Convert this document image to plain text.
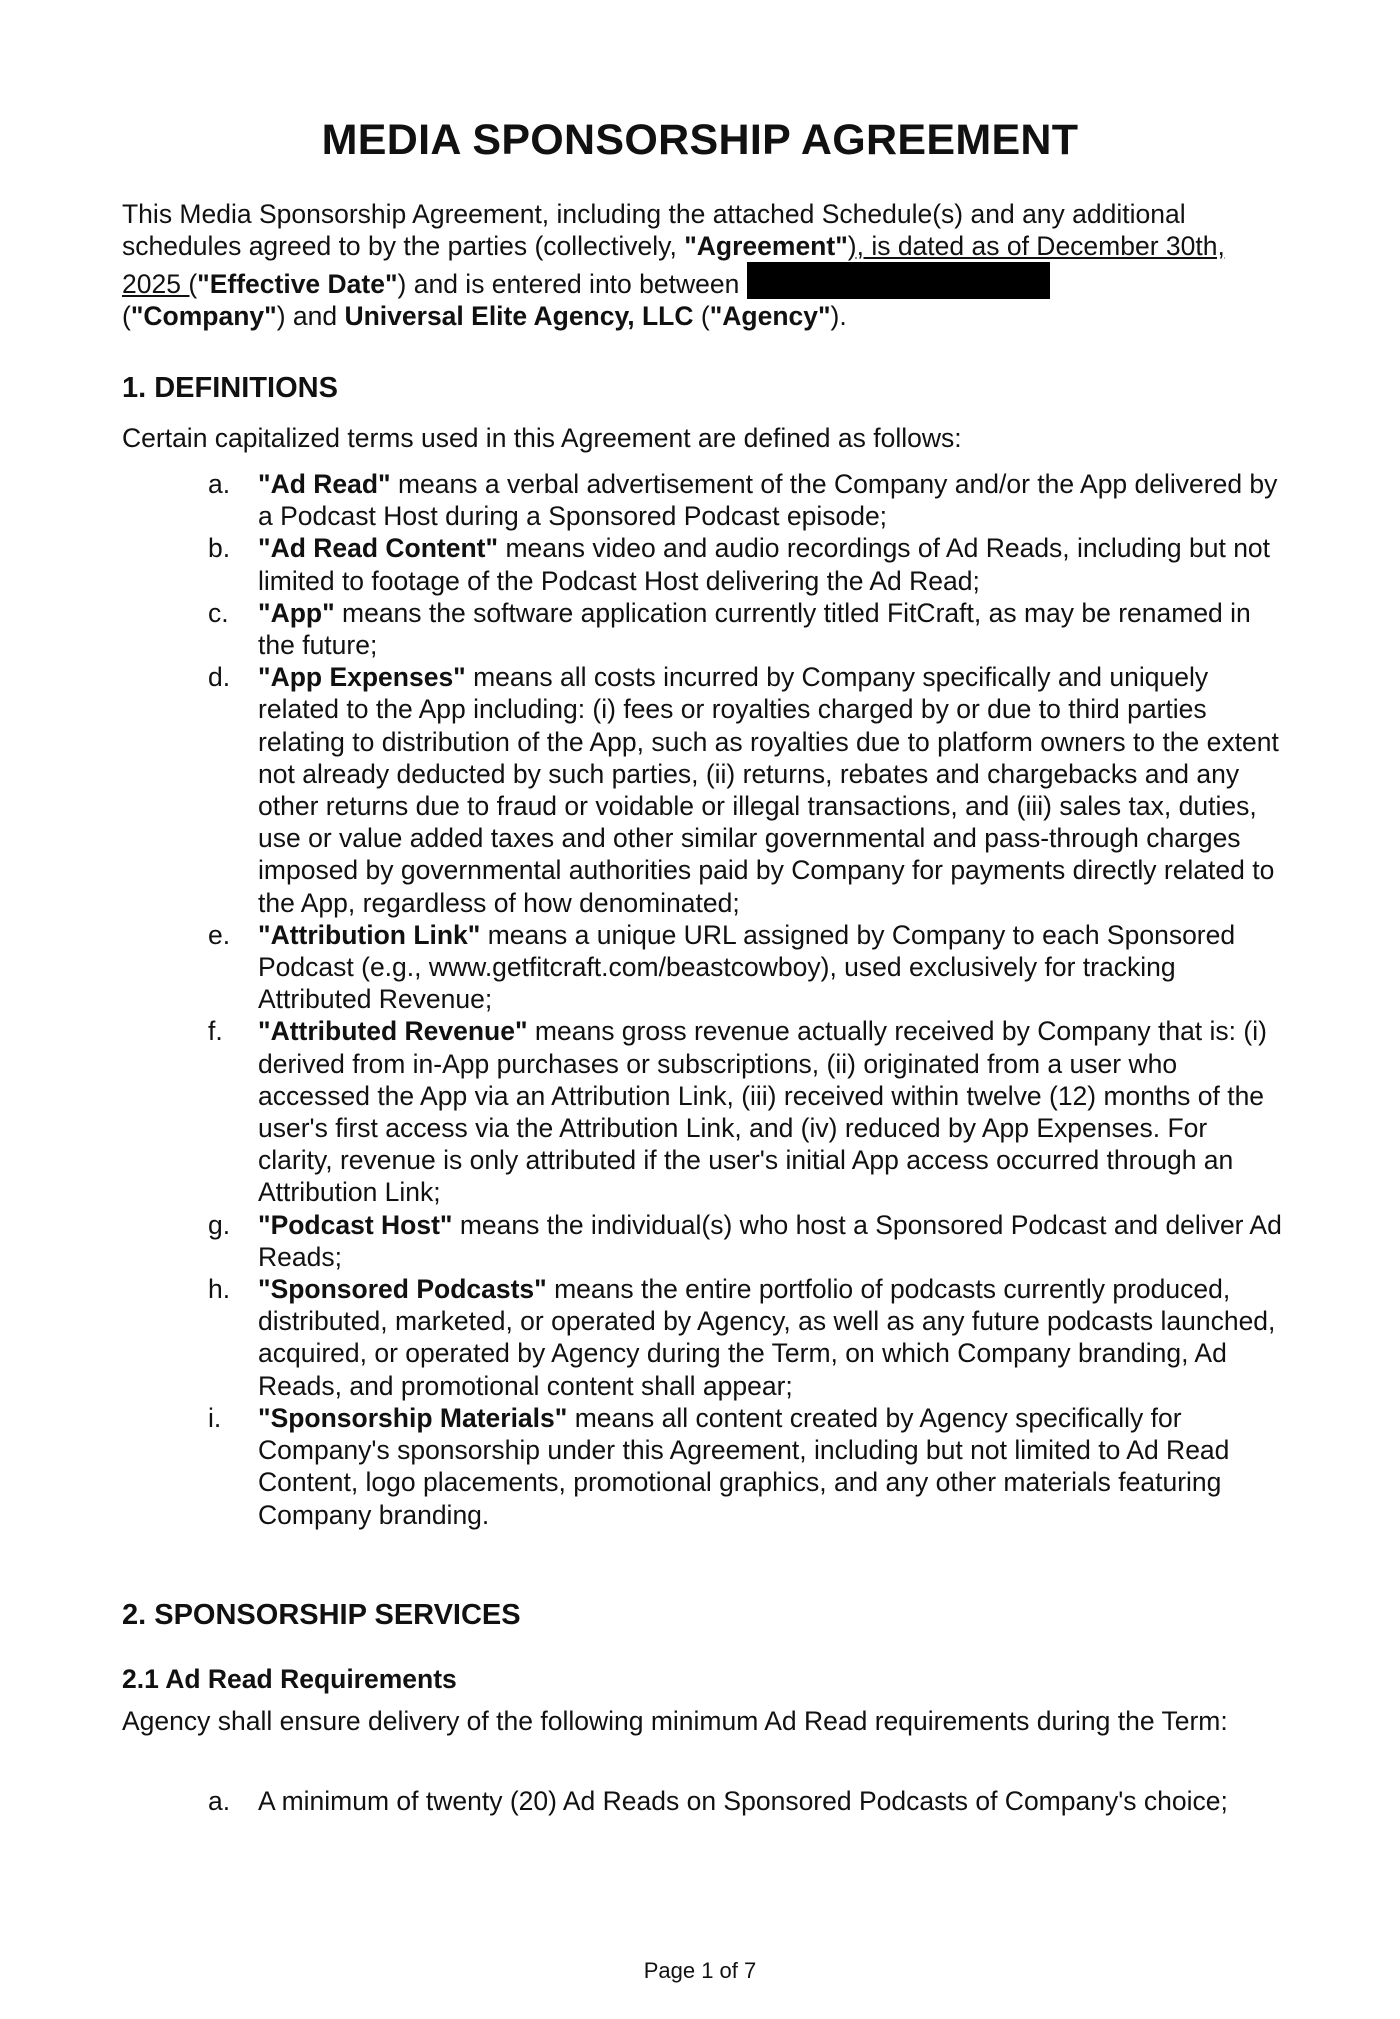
MEDIA SPONSORSHIP AGREEMENT

This Media Sponsorship Agreement, including the attached Schedule(s) and any additional schedules agreed to by the parties (collectively, "Agreement"), is dated as of December 30th, 2025 ("Effective Date") and is entered into between
("Company") and Universal Elite Agency, LLC ("Agency").

1. DEFINITIONS

Certain capitalized terms used in this Agreement are defined as follows:

a.	"Ad Read" means a verbal advertisement of the Company and/or the App delivered by a Podcast Host during a Sponsored Podcast episode;

b.	"Ad Read Content" means video and audio recordings of Ad Reads, including but not limited to footage of the Podcast Host delivering the Ad Read;

c.	"App" means the software application currently titled FitCraft, as may be renamed in the future;

d.	"App Expenses" means all costs incurred by Company specifically and uniquely related to the App including: (i) fees or royalties charged by or due to third parties relating to distribution of the App, such as royalties due to platform owners to the extent not already deducted by such parties, (ii) returns, rebates and chargebacks and any other returns due to fraud or voidable or illegal transactions, and (iii) sales tax, duties, use or value added taxes and other similar governmental and pass-through charges imposed by governmental authorities paid by Company for payments directly related to the App, regardless of how denominated;

e.	"Attribution Link" means a unique URL assigned by Company to each Sponsored Podcast (e.g., www.getfitcraft.com/beastcowboy), used exclusively for tracking Attributed Revenue;

f.	"Attributed Revenue" means gross revenue actually received by Company that is: (i) derived from in-App purchases or subscriptions, (ii) originated from a user who accessed the App via an Attribution Link, (iii) received within twelve (12) months of the user's first access via the Attribution Link, and (iv) reduced by App Expenses. For clarity, revenue is only attributed if the user's initial App access occurred through an Attribution Link;

g.	"Podcast Host" means the individual(s) who host a Sponsored Podcast and deliver Ad Reads;

h.	"Sponsored Podcasts" means the entire portfolio of podcasts currently produced, distributed, marketed, or operated by Agency, as well as any future podcasts launched, acquired, or operated by Agency during the Term, on which Company branding, Ad Reads, and promotional content shall appear;

i.	"Sponsorship Materials" means all content created by Agency specifically for Company's sponsorship under this Agreement, including but not limited to Ad Read Content, logo placements, promotional graphics, and any other materials featuring Company branding.

2. SPONSORSHIP SERVICES
2.1 Ad Read Requirements

Agency shall ensure delivery of the following minimum Ad Read requirements during the Term:

a.	A minimum of twenty (20) Ad Reads on Sponsored Podcasts of Company's choice;

Page 1 of 7
